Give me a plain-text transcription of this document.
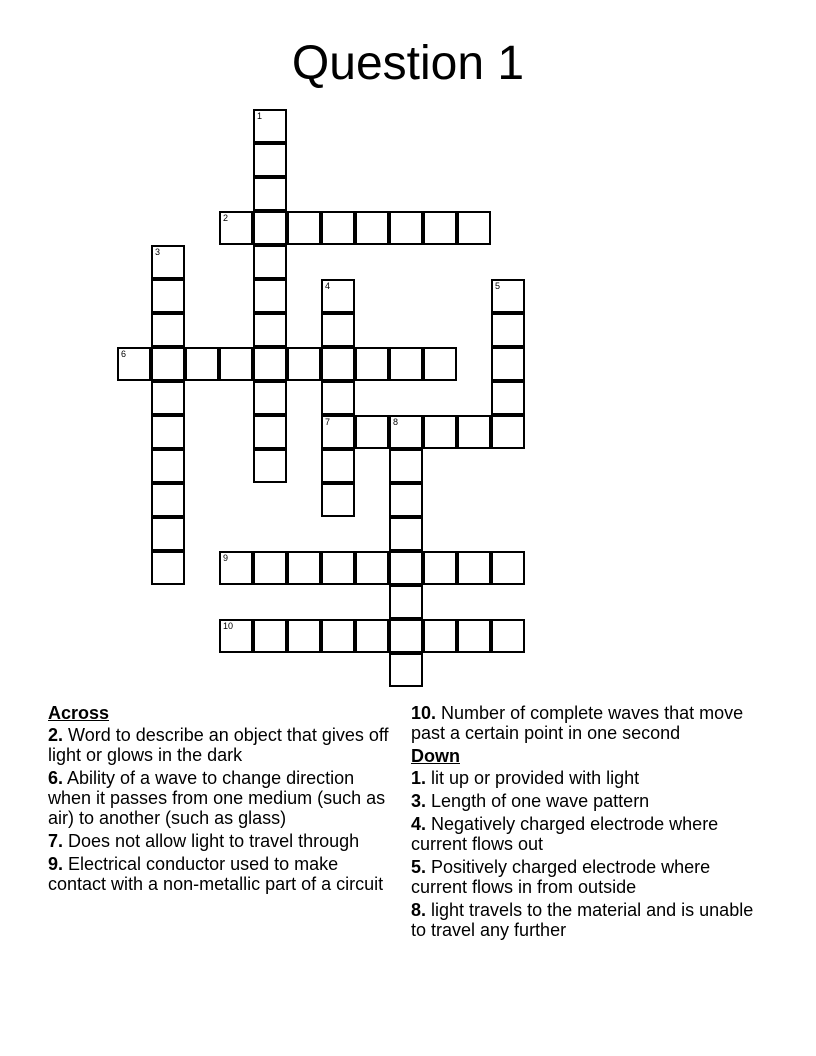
Question 1
1
2
3
4
7
5
6
8
9
10
Across
2. Word to describe an object that gives off light or glows in the dark
6. Ability of a wave to change direction when it passes from one medium (such as air) to another (such as glass)
7. Does not allow light to travel through
9. Electrical conductor used to make contact with a non-metallic part of a circuit
10. Number of complete waves that move past a certain point in one second
Down
1. lit up or provided with light
3. Length of one wave pattern
4. Negatively charged electrode where current flows out
5. Positively charged electrode where current flows in from outside
8. light travels to the material and is unable to travel any further
